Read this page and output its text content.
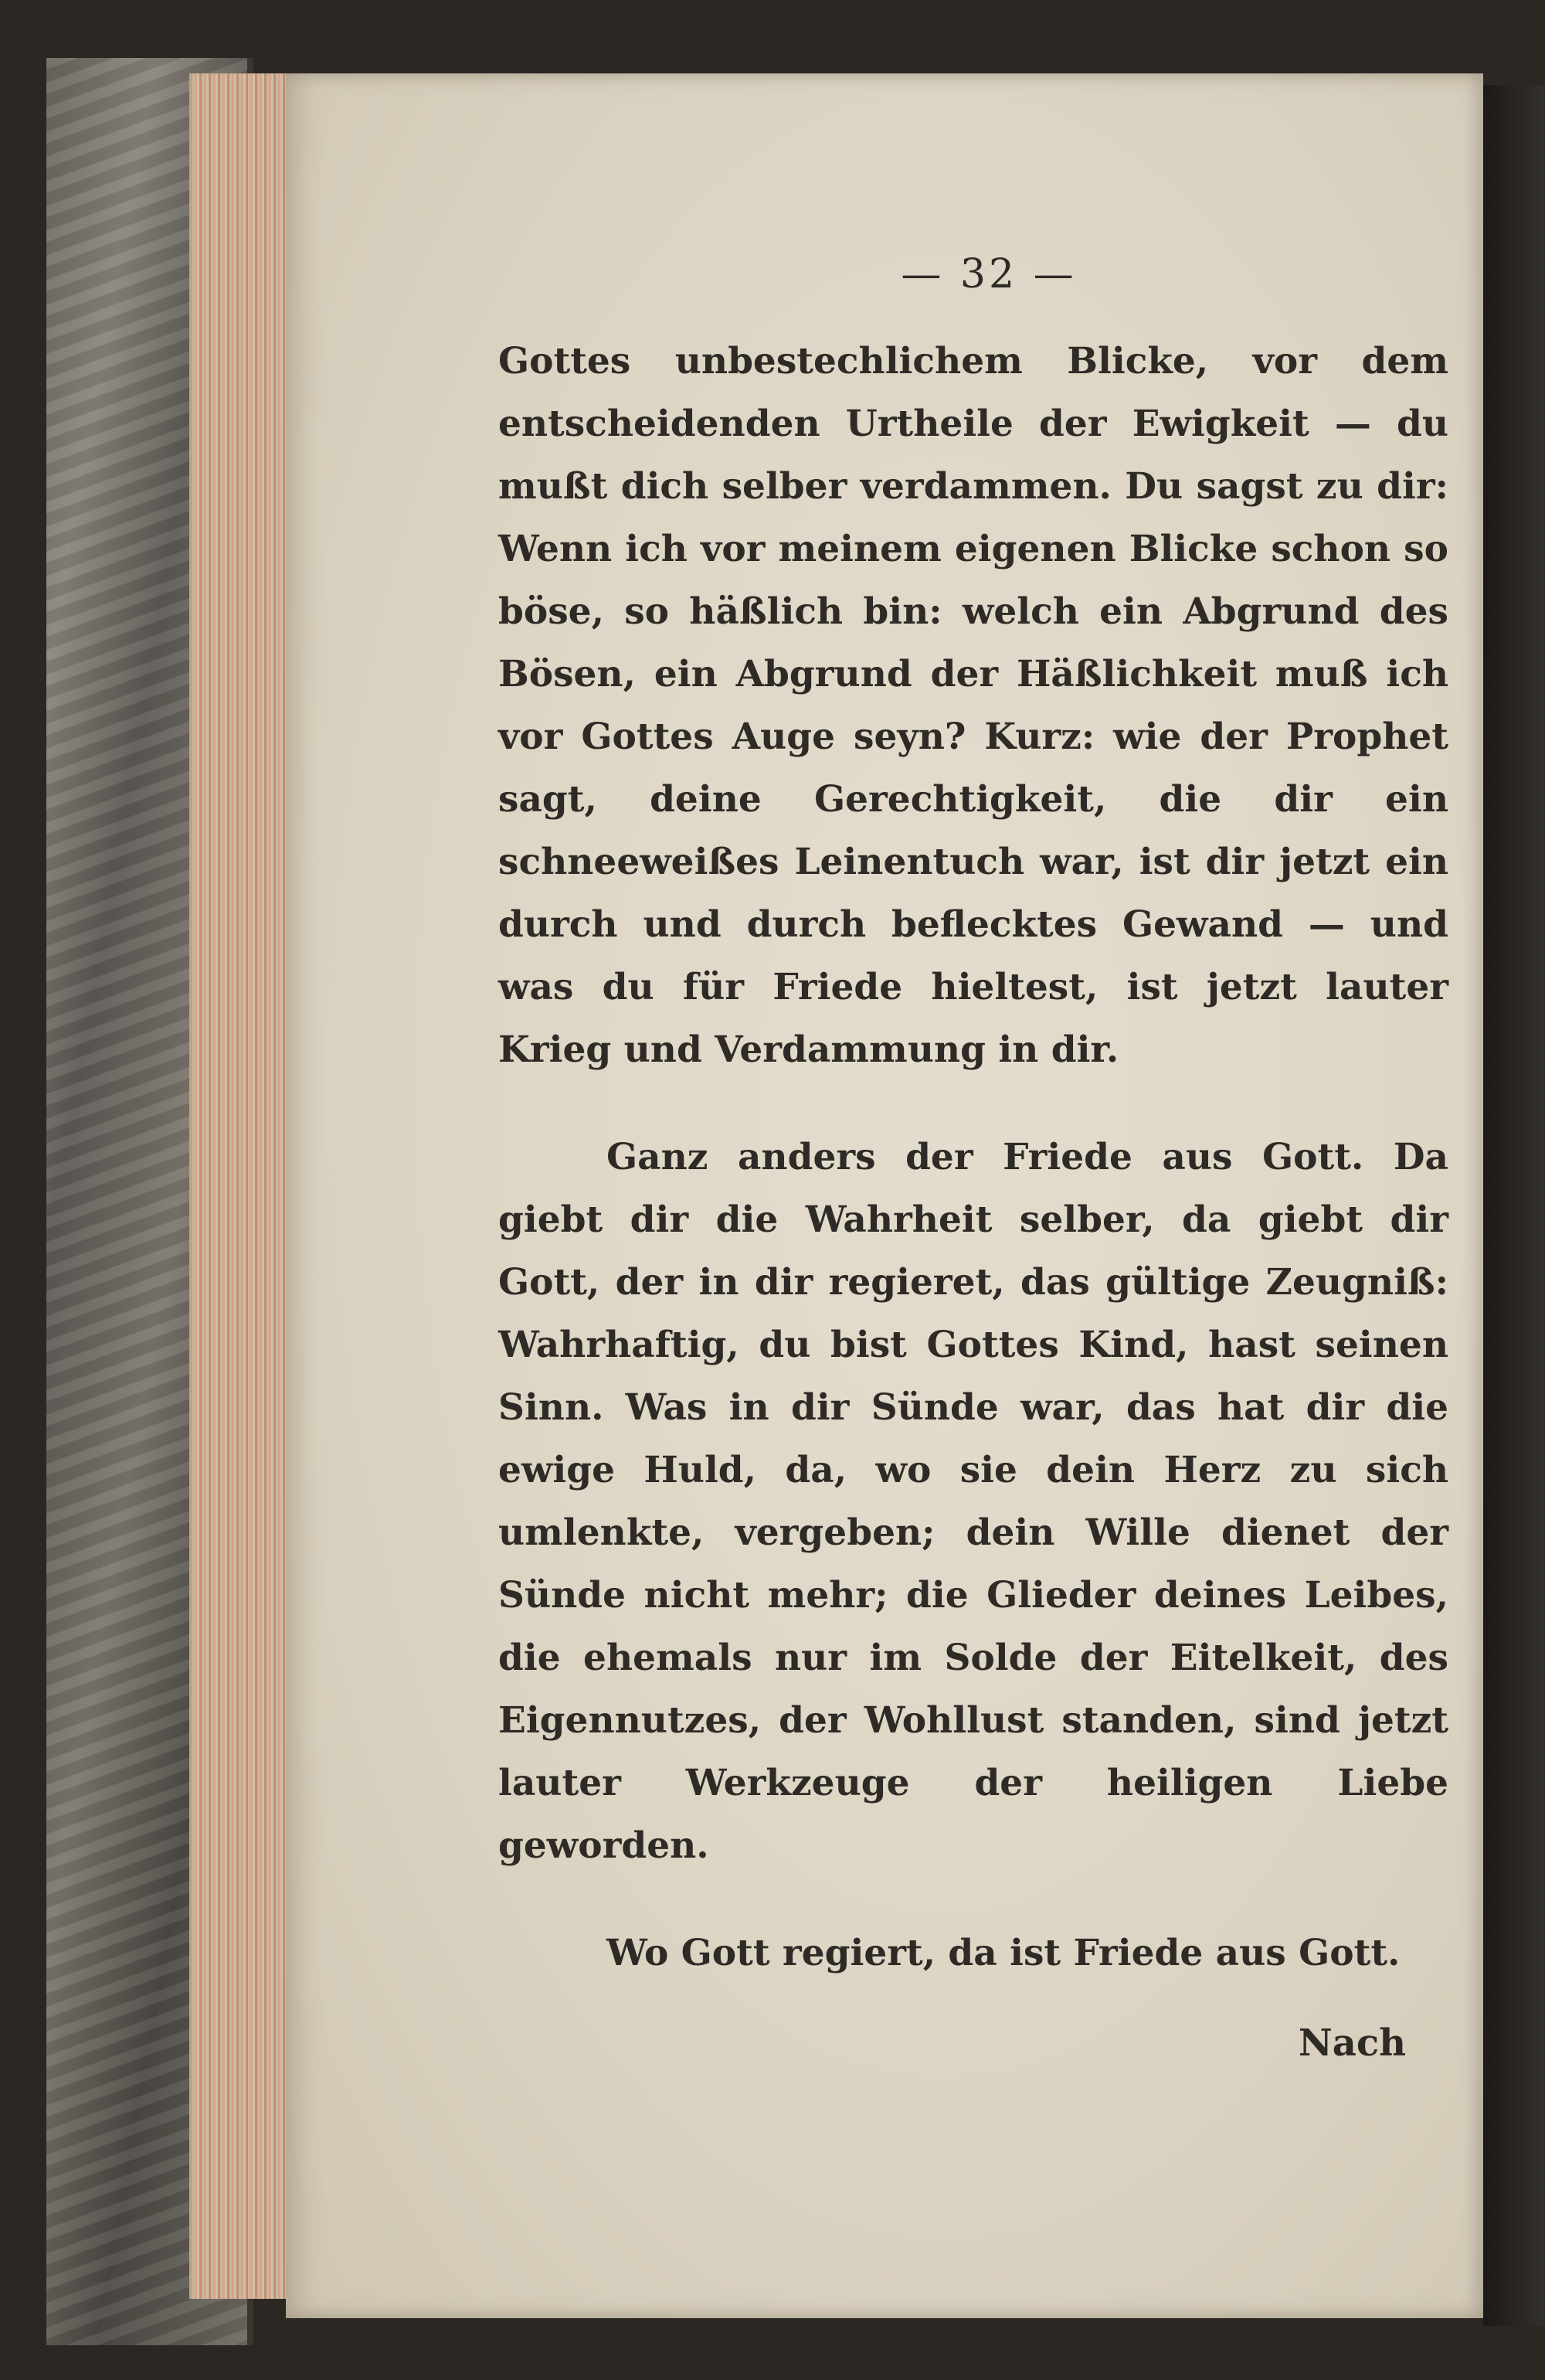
— 32 —

Gottes unbestechlichem Blicke, vor dem entscheidenden Urtheile der Ewigkeit — du mußt dich selber verdammen. Du sagst zu dir: Wenn ich vor meinem eigenen Blicke schon so böse, so häßlich bin: welch ein Abgrund des Bösen, ein Abgrund der Häßlichkeit muß ich vor Gottes Auge seyn? Kurz: wie der Prophet sagt, deine Gerechtigkeit, die dir ein schneeweißes Leinentuch war, ist dir jetzt ein durch und durch beflecktes Gewand — und was du für Friede hieltest, ist jetzt lauter Krieg und Verdammung in dir.

Ganz anders der Friede aus Gott. Da giebt dir die Wahrheit selber, da giebt dir Gott, der in dir regieret, das gültige Zeugniß: Wahrhaftig, du bist Gottes Kind, hast seinen Sinn. Was in dir Sünde war, das hat dir die ewige Huld, da, wo sie dein Herz zu sich umlenkte, vergeben; dein Wille dienet der Sünde nicht mehr; die Glieder deines Leibes, die ehemals nur im Solde der Eitelkeit, des Eigennutzes, der Wohllust standen, sind jetzt lauter Werkzeuge der heiligen Liebe geworden.

Wo Gott regiert, da ist Friede aus Gott.

Nach
